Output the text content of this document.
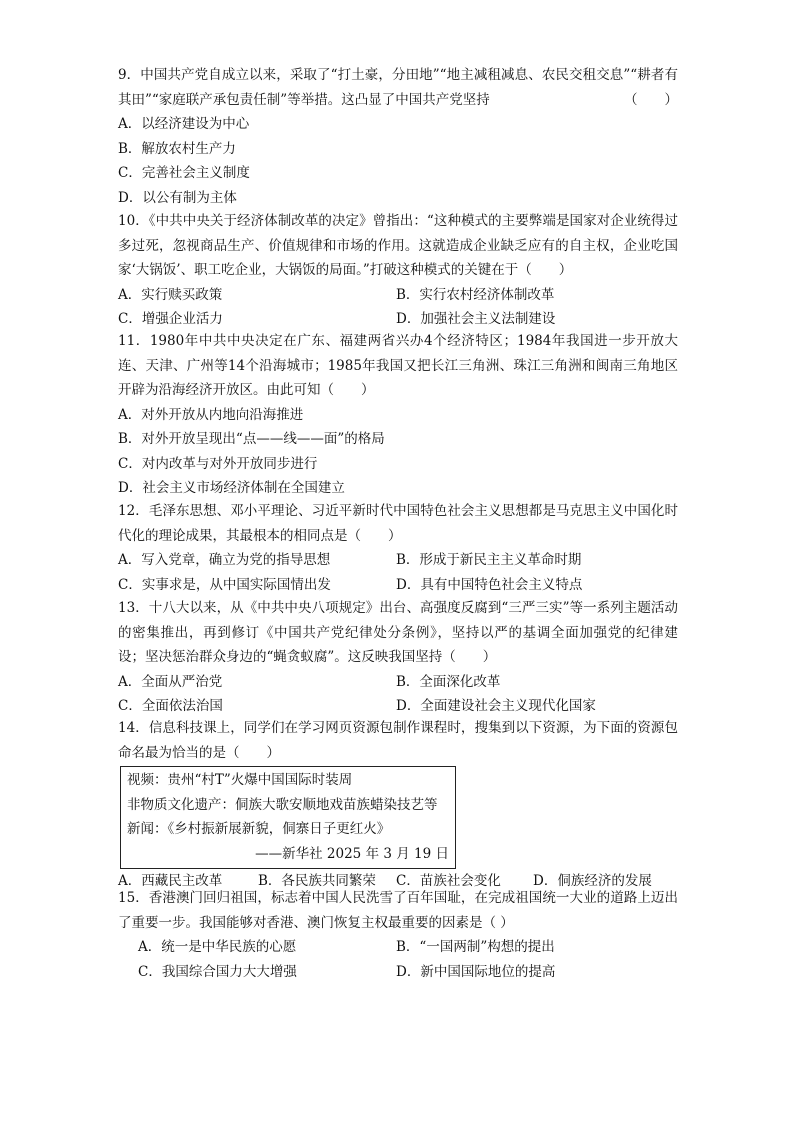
9．中国共产党自成立以来，采取了“打土豪，分田地”“地主减租减息、农民交租交息”“耕者有其田”“家庭联产承包责任制”等举措。这凸显了中国共产党坚持	（　　）
A．以经济建设为中心
B．解放农村生产力
C．完善社会主义制度
D．以公有制为主体
10．《中共中央关于经济体制改革的决定》曾指出：“这种模式的主要弊端是国家对企业统得过多过死，忽视商品生产、价值规律和市场的作用。这就造成企业缺乏应有的自主权，企业吃国家‘大锅饭’、职工吃企业，大锅饭的局面。”打破这种模式的关键在于（　　）
A．实行赎买政策	B．实行农村经济体制改革
C．增强企业活力	D．加强社会主义法制建设
11．1980年中共中央决定在广东、福建两省兴办4个经济特区；1984年我国进一步开放大连、天津、广州等14个沿海城市；1985年我国又把长江三角洲、珠江三角洲和闽南三角地区开辟为沿海经济开放区。由此可知（　　）
A．对外开放从内地向沿海推进
B．对外开放呈现出“点——线——面”的格局
C．对内改革与对外开放同步进行
D．社会主义市场经济体制在全国建立
12．毛泽东思想、邓小平理论、习近平新时代中国特色社会主义思想都是马克思主义中国化时代化的理论成果，其最根本的相同点是（　　）
A．写入党章，确立为党的指导思想	B．形成于新民主主义革命时期
C．实事求是，从中国实际国情出发	D．具有中国特色社会主义特点
13．十八大以来，从《中共中央八项规定》出台、高强度反腐到“三严三实”等一系列主题活动的密集推出，再到修订《中国共产党纪律处分条例》，坚持以严的基调全面加强党的纪律建设；坚决惩治群众身边的“蝇贪蚁腐”。这反映我国坚持（　　）
A．全面从严治党	B．全面深化改革
C．全面依法治国	D．全面建设社会主义现代化国家
14．信息科技课上，同学们在学习网页资源包制作课程时，搜集到以下资源，为下面的资源包命名最为恰当的是（　　）
视频：贵州“村T”火爆中国国际时装周
非物质文化遗产：侗族大歌安顺地戏苗族蜡染技艺等
新闻：《乡村振新展新貌，侗寨日子更红火》
——新华社 2025 年 3 月 19 日
A．西藏民主改革	B．各民族共同繁荣 C．苗族社会变化 D．侗族经济的发展
15．香港澳门回归祖国，标志着中国人民洗雪了百年国耻，在完成祖国统一大业的道路上迈出了重要一步。我国能够对香港、澳门恢复主权最重要的因素是（ ）
A．统一是中华民族的心愿	B．“一国两制”构想的提出
C．我国综合国力大大增强	D．新中国国际地位的提高
